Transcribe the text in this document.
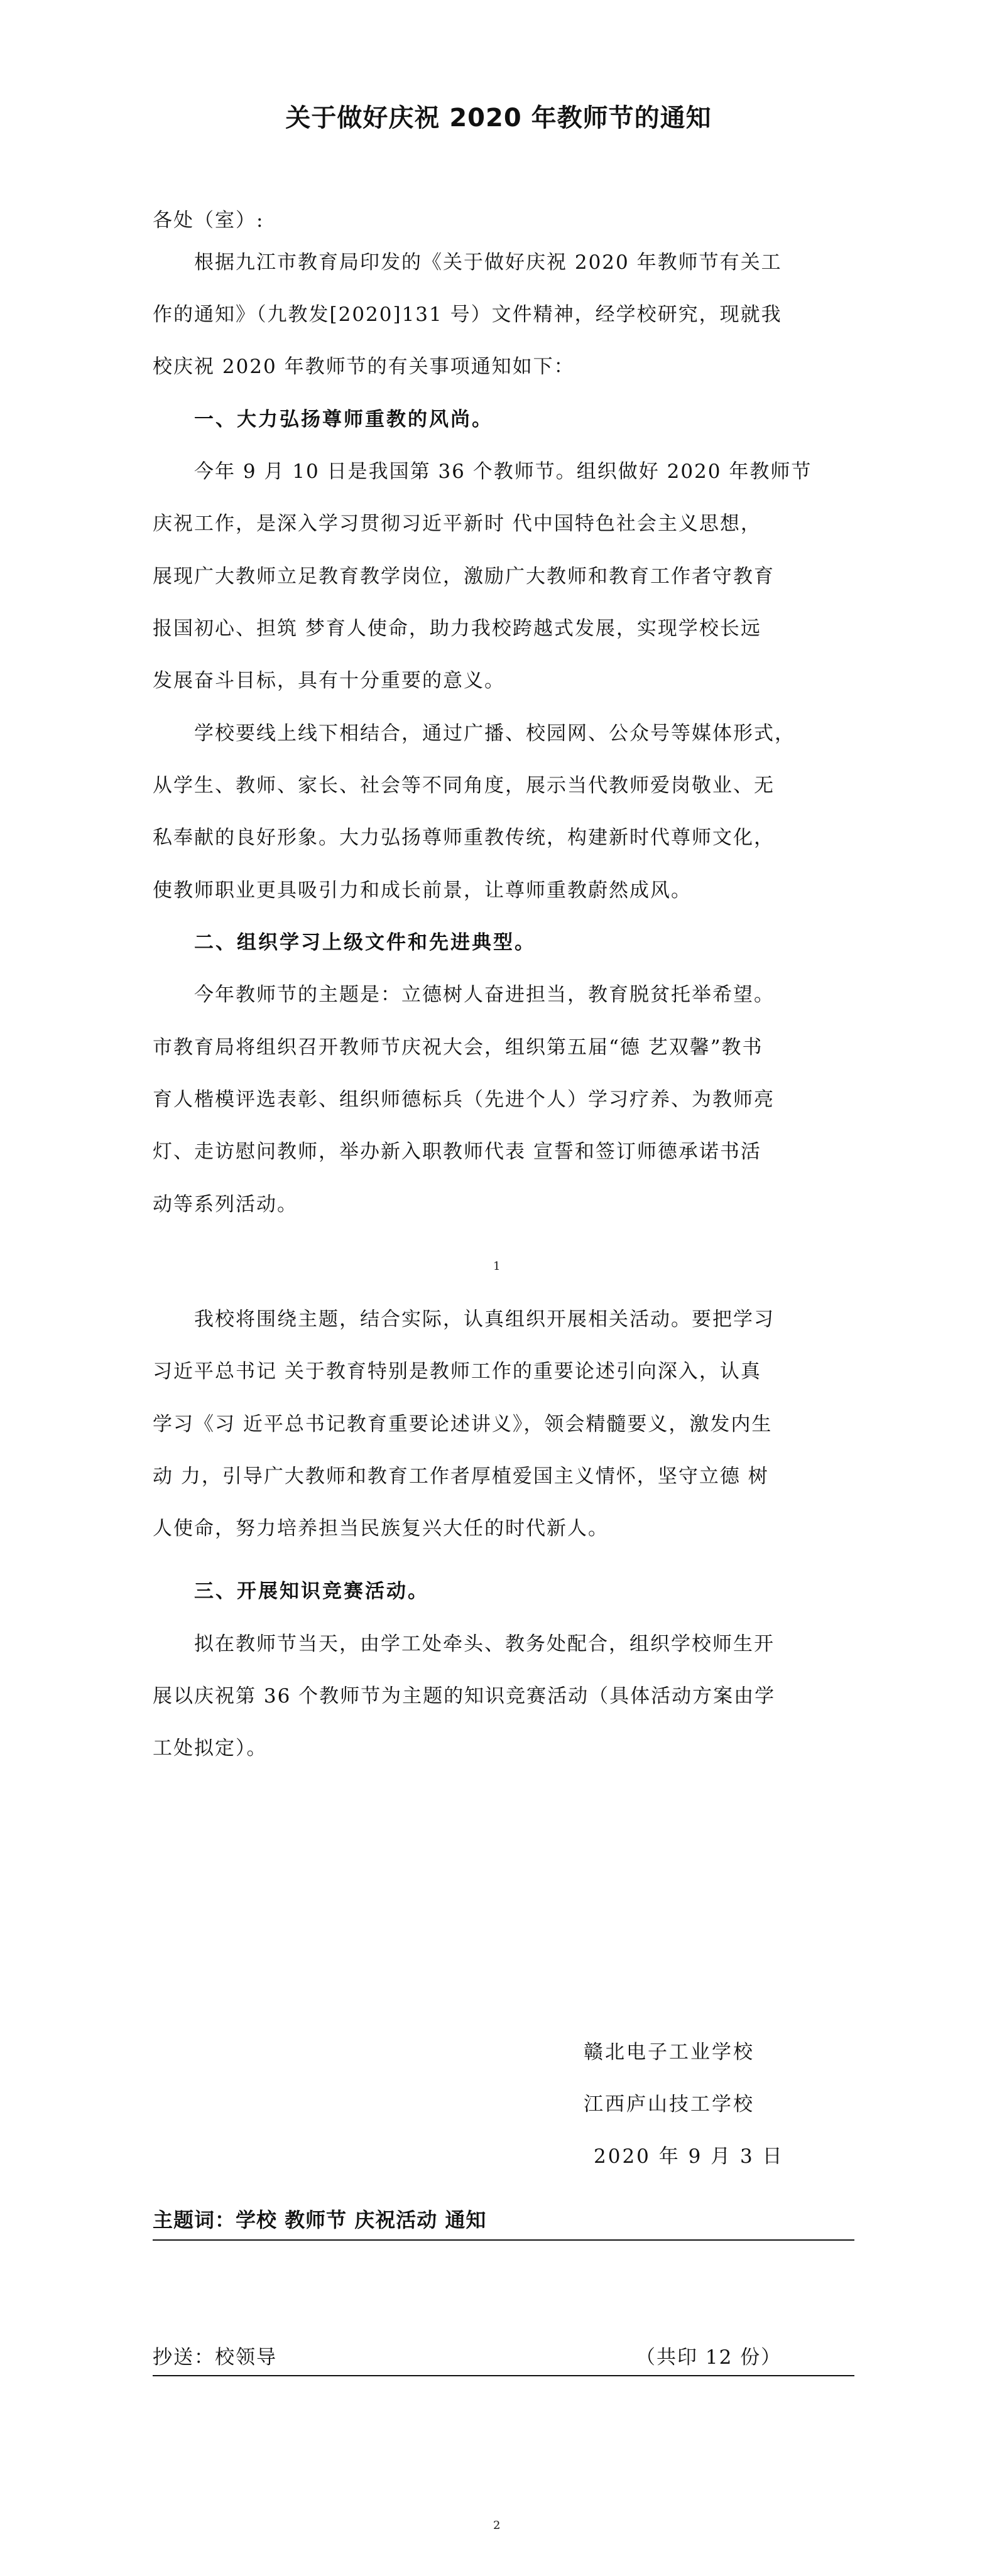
关于做好庆祝 2020 年教师节的通知

各处（室）:

根据九江市教育局印发的《关于做好庆祝 2020 年教师节有关工

作的通知》（九教发[2020]131 号）文件精神，经学校研究，现就我

校庆祝 2020 年教师节的有关事项通知如下：

一、大力弘扬尊师重教的风尚。

今年 9 月 10 日是我国第 36 个教师节。组织做好 2020 年教师节

庆祝工作，是深入学习贯彻习近平新时 代中国特色社会主义思想，

展现广大教师立足教育教学岗位，激励广大教师和教育工作者守教育

报国初心、担筑 梦育人使命，助力我校跨越式发展，实现学校长远

发展奋斗目标，具有十分重要的意义。

学校要线上线下相结合，通过广播、校园网、公众号等媒体形式，

从学生、教师、家长、社会等不同角度，展示当代教师爱岗敬业、无

私奉献的良好形象。大力弘扬尊师重教传统，构建新时代尊师文化，

使教师职业更具吸引力和成长前景，让尊师重教蔚然成风。

二、组织学习上级文件和先进典型。

今年教师节的主题是：立德树人奋进担当，教育脱贫托举希望。

市教育局将组织召开教师节庆祝大会，组织第五届“德 艺双馨”教书

育人楷模评选表彰、组织师德标兵（先进个人）学习疗养、为教师亮

灯、走访慰问教师，举办新入职教师代表 宣誓和签订师德承诺书活

动等系列活动。

1

我校将围绕主题，结合实际，认真组织开展相关活动。要把学习

习近平总书记 关于教育特别是教师工作的重要论述引向深入，认真

学习《习 近平总书记教育重要论述讲义》，领会精髓要义，激发内生

动 力，引导广大教师和教育工作者厚植爱国主义情怀，坚守立德 树

人使命，努力培养担当民族复兴大任的时代新人。

三、开展知识竞赛活动。

拟在教师节当天，由学工处牵头、教务处配合，组织学校师生开

展以庆祝第 36 个教师节为主题的知识竞赛活动（具体活动方案由学

工处拟定）。

赣北电子工业学校

江西庐山技工学校

2020 年 9 月 3 日

主题词：学校 教师节 庆祝活动 通知

抄送：校领导	（共印 12 份）

2
